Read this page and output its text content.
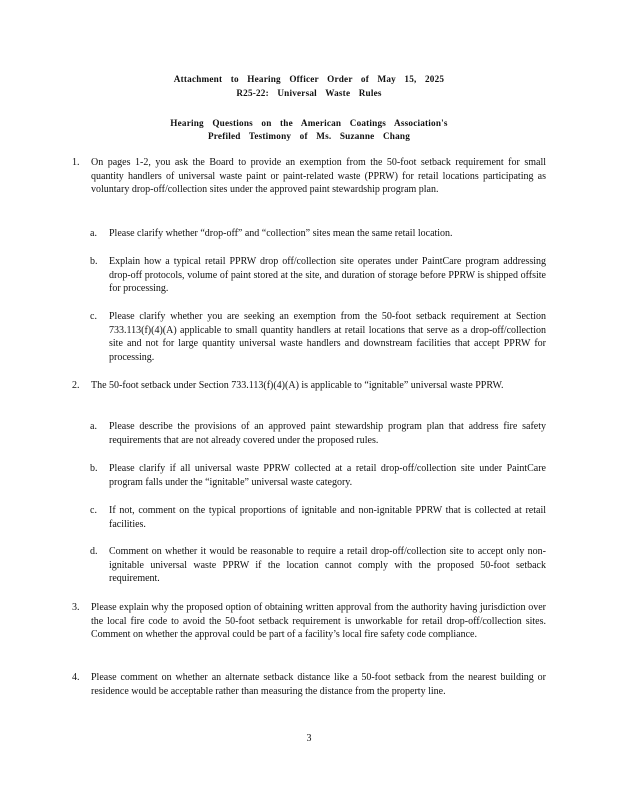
Attachment to Hearing Officer Order of May 15, 2025
R25-22: Universal Waste Rules
Hearing Questions on the American Coatings Association's
Prefiled Testimony of Ms. Suzanne Chang
1. On pages 1-2, you ask the Board to provide an exemption from the 50-foot setback requirement for small quantity handlers of universal waste paint or paint-related waste (PPRW) for retail locations participating as voluntary drop-off/collection sites under the approved paint stewardship program plan.
a. Please clarify whether “drop-off” and “collection” sites mean the same retail location.
b. Explain how a typical retail PPRW drop off/collection site operates under PaintCare program addressing drop-off protocols, volume of paint stored at the site, and duration of storage before PPRW is shipped offsite for processing.
c. Please clarify whether you are seeking an exemption from the 50-foot setback requirement at Section 733.113(f)(4)(A) applicable to small quantity handlers at retail locations that serve as a drop-off/collection site and not for large quantity universal waste handlers and downstream facilities that accept PPRW for processing.
2. The 50-foot setback under Section 733.113(f)(4)(A) is applicable to “ignitable” universal waste PPRW.
a. Please describe the provisions of an approved paint stewardship program plan that address fire safety requirements that are not already covered under the proposed rules.
b. Please clarify if all universal waste PPRW collected at a retail drop-off/collection site under PaintCare program falls under the “ignitable” universal waste category.
c. If not, comment on the typical proportions of ignitable and non-ignitable PPRW that is collected at retail facilities.
d. Comment on whether it would be reasonable to require a retail drop-off/collection site to accept only non-ignitable universal waste PPRW if the location cannot comply with the proposed 50-foot setback requirement.
3. Please explain why the proposed option of obtaining written approval from the authority having jurisdiction over the local fire code to avoid the 50-foot setback requirement is unworkable for retail drop-off/collection sites. Comment on whether the approval could be part of a facility’s local fire safety code compliance.
4. Please comment on whether an alternate setback distance like a 50-foot setback from the nearest building or residence would be acceptable rather than measuring the distance from the property line.
3
